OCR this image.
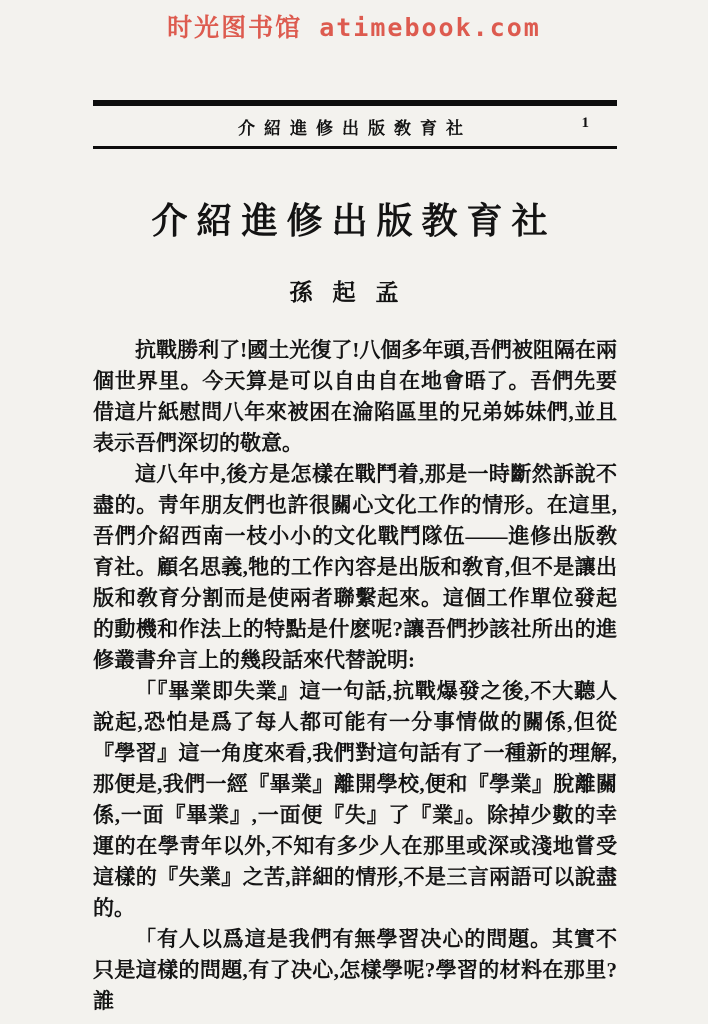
时光图书馆 atimebook.com
介紹進修出版敎育社	1
介紹進修出版教育社
孫起孟

抗戰勝利了!國土光復了!八個多年頭,吾們被阻隔在兩個世界里。今天算是可以自由自在地會晤了。吾們先要借這片紙慰問八年來被困在淪陷區里的兄弟姊妹們,並且表示吾們深切的敬意。

這八年中,後方是怎樣在戰鬥着,那是一時斷然訴說不盡的。靑年朋友們也許很關心文化工作的情形。在這里,吾們介紹西南一枝小小的文化戰鬥隊伍——進修出版敎育社。顧名思義,牠的工作內容是出版和敎育,但不是讓出版和敎育分割而是使兩者聯繫起來。這個工作單位發起的動機和作法上的特點是什麽呢?讓吾們抄該社所出的進修叢書弁言上的幾段話來代替說明:

「『畢業即失業』這一句話,抗戰爆發之後,不大聽人說起,恐怕是爲了每人都可能有一分事情做的關係,但從『學習』這一角度來看,我們對這句話有了一種新的理解,那便是,我們一經『畢業』離開學校,便和『學業』脫離關係,一面『畢業』,一面便『失』了『業』。除掉少數的幸運的在學靑年以外,不知有多少人在那里或深或淺地嘗受這樣的『失業』之苦,詳細的情形,不是三言兩語可以說盡的。

「有人以爲這是我們有無學習决心的問題。其實不只是這樣的問題,有了决心,怎樣學呢?學習的材料在那里?誰
